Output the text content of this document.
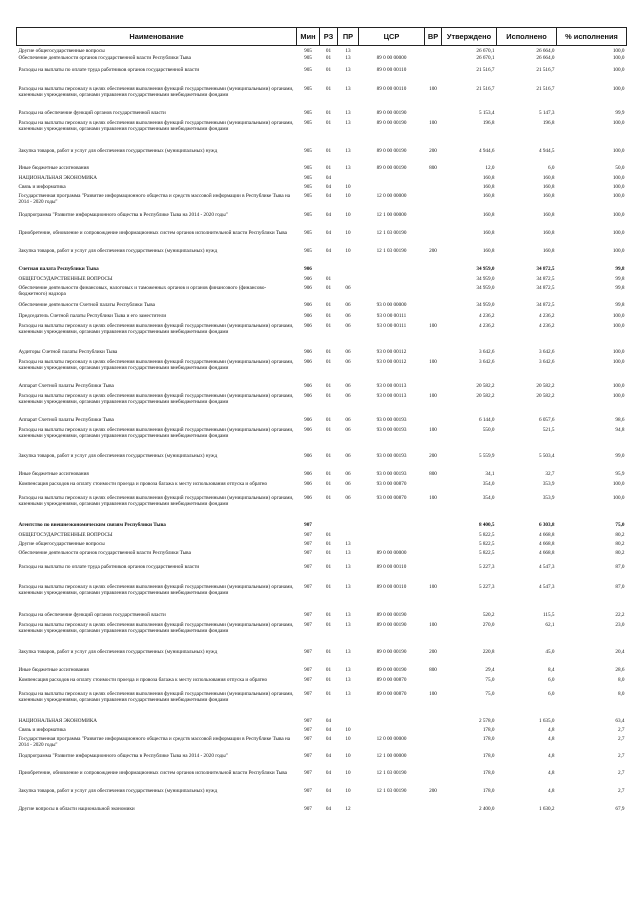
Наименование	Мин	РЗ	ПР	ЦСР	ВР	Утверждено	Исполнено	% исполнения
Другие общегосударственные вопросы	905	01	13			26 670,1	26 664,0	100,0
Обеспечение деятельности органов государственной власти Республики Тыва	905	01	13	89 0 00 00000		26 670,1	26 664,0	100,0
Расходы на выплаты по оплате труда работников органов государственной власти	905	01	13	89 0 00 00110		21 516,7	21 516,7	100,0
Расходы на выплаты персоналу в целях обеспечения выполнения функций государственными (муниципальными) органами, казенными учреждениями, органами управления государственными внебюджетными фондами	905	01	13	89 0 00 00110	100	21 516,7	21 516,7	100,0
Расходы на обеспечение функций органов государственной власти	905	01	13	89 0 00 00190		5 153,4	5 147,3	99,9
Расходы на выплаты персоналу в целях обеспечения выполнения функций государственными (муниципальными) органами, казенными учреждениями, органами управления государственными внебюджетными фондами	905	01	13	89 0 00 00190	100	196,8	196,8	100,0
Закупка товаров, работ и услуг для обеспечения государственных (муниципальных) нужд	905	01	13	89 0 00 00190	200	4 944,6	4 944,5	100,0
Иные бюджетные ассигнования	905	01	13	89 0 00 00190	800	12,0	6,0	50,0
НАЦИОНАЛЬНАЯ ЭКОНОМИКА	905	04				160,8	160,8	100,0
Связь и информатика	905	04	10			160,8	160,8	100,0
Государственная программа "Развитие информационного общества и средств массовой информации в Республике Тыва на 2014 - 2020 годы"	905	04	10	12 0 00 00000		160,8	160,8	100,0
Подпрограмма "Развитие информационного общества в Республике Тыва на 2014 - 2020 годы"	905	04	10	12 1 00 00000		160,8	160,8	100,0
Приобретение, обновление и сопровождение информационных систем органов исполнительной власти Республики Тыва	905	04	10	12 1 03 00190		160,8	160,8	100,0
Закупка товаров, работ и услуг для обеспечения государственных (муниципальных) нужд	905	04	10	12 1 03 00190	200	160,8	160,8	100,0
Счетная палата Республики Тыва	906					34 959,0	34 872,5	99,8
ОБЩЕГОСУДАРСТВЕННЫЕ ВОПРОСЫ	906	01				34 959,0	34 872,5	99,8
Обеспечение деятельности финансовых, налоговых и таможенных органов и органов финансового (финансово-бюджетного) надзора	906	01	06			34 959,0	34 872,5	99,8
Обеспечение деятельности Счетной палаты Республики Тыва	906	01	06	93 0 00 00000		34 959,0	34 872,5	99,8
Председатель Счетной палаты Республики Тыва и его заместители	906	01	06	93 0 00 00111		4 236,2	4 236,2	100,0
Расходы на выплаты персоналу в целях обеспечения выполнения функций государственными (муниципальными) органами, казенными учреждениями, органами управления государственными внебюджетными фондами	906	01	06	93 0 00 00111	100	4 236,2	4 236,2	100,0
Аудиторы Счетной палаты Республики Тыва	906	01	06	93 0 00 00112		3 642,6	3 642,6	100,0
Расходы на выплаты персоналу в целях обеспечения выполнения функций государственными (муниципальными) органами, казенными учреждениями, органами управления государственными внебюджетными фондами	906	01	06	93 0 00 00112	100	3 642,6	3 642,6	100,0
Аппарат Счетной палаты Республики Тыва	906	01	06	93 0 00 00113		20 582,2	20 582,2	100,0
Расходы на выплаты персоналу в целях обеспечения выполнения функций государственными (муниципальными) органами, казенными учреждениями, органами управления государственными внебюджетными фондами	906	01	06	93 0 00 00113	100	20 582,2	20 582,2	100,0
Аппарат Счетной палаты Республики Тыва	906	01	06	93 0 00 00193		6 144,0	6 057,6	98,6
Расходы на выплаты персоналу в целях обеспечения выполнения функций государственными (муниципальными) органами, казенными учреждениями, органами управления государственными внебюджетными фондами	906	01	06	93 0 00 00193	100	550,0	521,5	94,8
Закупка товаров, работ и услуг для обеспечения государственных (муниципальных) нужд	906	01	06	93 0 00 00193	200	5 559,9	5 503,4	99,0
Иные бюджетные ассигнования	906	01	06	93 0 00 00193	800	34,1	32,7	95,9
Компенсация расходов на оплату стоимости проезда и провоза багажа к месту использования отпуска и обратно	906	01	06	93 0 00 00870		354,0	353,9	100,0
Расходы на выплаты персоналу в целях обеспечения выполнения функций государственными (муниципальными) органами, казенными учреждениями, органами управления государственными внебюджетными фондами	906	01	06	93 0 00 00870	100	354,0	353,9	100,0
Агентство по внешнеэкономическим связям Республики Тыва	907					8 400,5	6 303,8	75,0
ОБЩЕГОСУДАРСТВЕННЫЕ ВОПРОСЫ	907	01				5 822,5	4 668,8	80,2
Другие общегосударственные вопросы	907	01	13			5 822,5	4 668,8	80,2
Обеспечение деятельности органов государственной власти Республики Тыва	907	01	13	89 0 00 00000		5 822,5	4 668,8	80,2
Расходы на выплаты по оплате труда работников органов государственной власти	907	01	13	89 0 00 00110		5 227,3	4 547,3	87,0
Расходы на выплаты персоналу в целях обеспечения выполнения функций государственными (муниципальными) органами, казенными учреждениями, органами управления государственными внебюджетными фондами	907	01	13	89 0 00 00110	100	5 227,3	4 547,3	87,0
Расходы на обеспечение функций органов государственной власти	907	01	13	89 0 00 00190		520,2	115,5	22,2
Расходы на выплаты персоналу в целях обеспечения выполнения функций государственными (муниципальными) органами, казенными учреждениями, органами управления государственными внебюджетными фондами	907	01	13	89 0 00 00190	100	270,0	62,1	23,0
Закупка товаров, работ и услуг для обеспечения государственных (муниципальных) нужд	907	01	13	89 0 00 00190	200	220,8	45,0	20,4
Иные бюджетные ассигнования	907	01	13	89 0 00 00190	800	29,4	8,4	28,6
Компенсация расходов на оплату стоимости проезда и провоза багажа к месту использования отпуска и обратно	907	01	13	89 0 00 00870		75,0	6,0	8,0
Расходы на выплаты персоналу в целях обеспечения выполнения функций государственными (муниципальными) органами, казенными учреждениями, органами управления государственными внебюджетными фондами	907	01	13	89 0 00 00870	100	75,0	6,0	8,0
НАЦИОНАЛЬНАЯ ЭКОНОМИКА	907	04				2 578,0	1 635,0	63,4
Связь и информатика	907	04	10			178,0	4,8	2,7
Государственная программа "Развитие информационного общества и средств массовой информации в Республике Тыва на 2014 - 2020 годы"	907	04	10	12 0 00 00000		178,0	4,8	2,7
Подпрограмма "Развитие информационного общества в Республике Тыва на 2014 - 2020 годы"	907	04	10	12 1 00 00000		178,0	4,8	2,7
Приобретение, обновление и сопровождение информационных систем органов исполнительной власти Республики Тыва	907	04	10	12 1 03 00190		178,0	4,8	2,7
Закупка товаров, работ и услуг для обеспечения государственных (муниципальных) нужд	907	04	10	12 1 03 00190	200	178,0	4,8	2,7
Другие вопросы в области национальной экономики	907	04	12			2 400,0	1 630,2	67,9
